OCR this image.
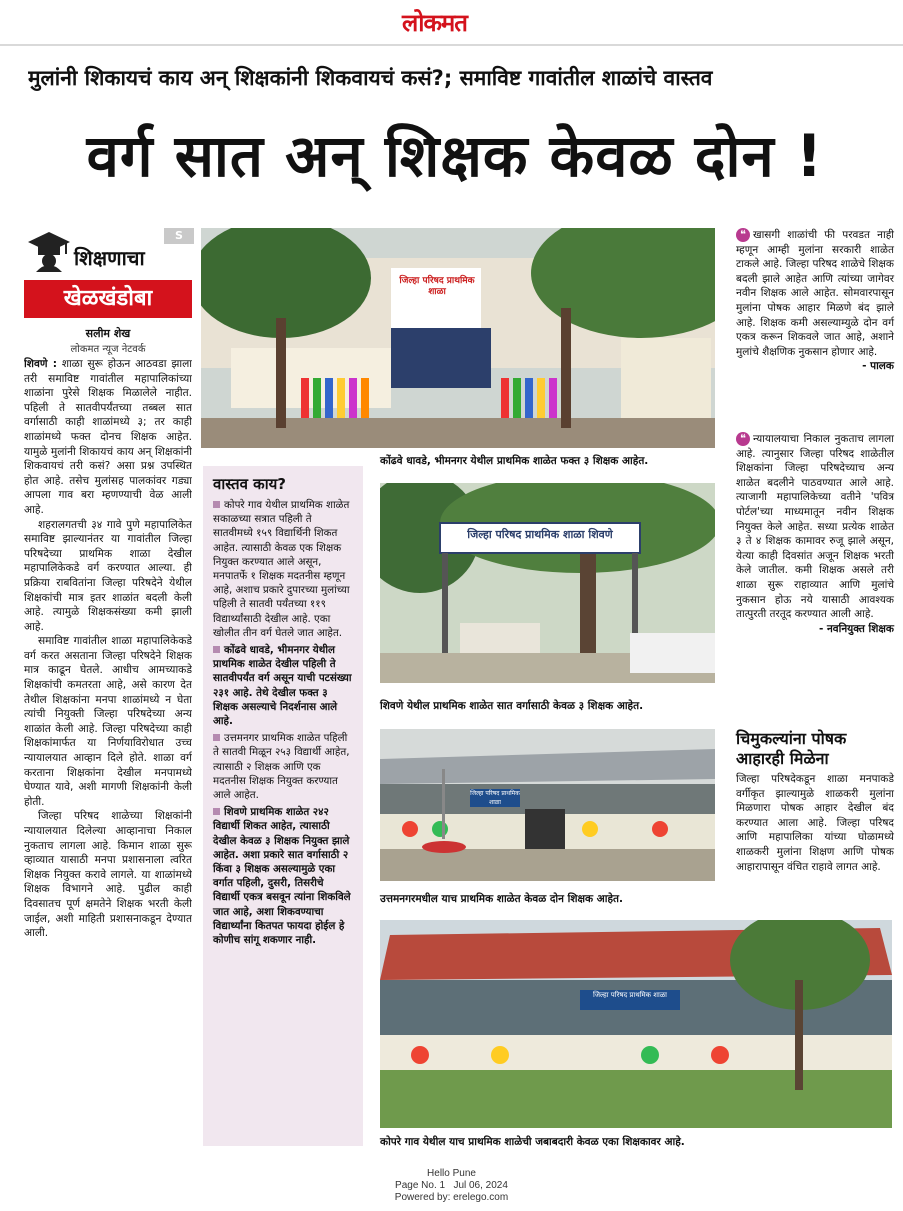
लोकमत
मुलांनी शिकायचं काय अन् शिक्षकांनी शिकवायचं कसं?; समाविष्ट गावांतील शाळांचे वास्तव
वर्ग सात अन् शिक्षक केवळ दोन !
S
शिक्षणाचा
खेळखंडोबा
सलीम शेख
लोकमत न्यूज नेटवर्क

शिवणे : शाळा सुरू होऊन आठवडा झाला तरी समाविष्ट गावांतील महापालिकांच्या शाळांना पुरेसे शिक्षक मिळालेले नाहीत. पहिली ते सातवीपर्यंतच्या तब्बल सात वर्गासाठी काही शाळांमध्ये ३; तर काही शाळांमध्ये फक्त दोनच शिक्षक आहेत. यामुळे मुलांनी शिकायचं काय अन् शिक्षकांनी शिकवायचं तरी कसं? असा प्रश्न उपस्थित होत आहे. तसेच मुलांसह पालकांवर गड्या आपला गाव बरा म्हणण्याची वेळ आली आहे.

शहरालगतची ३४ गावे पुणे महापालिकेत समाविष्ट झाल्यानंतर या गावांतील जिल्हा परिषदेच्या प्राथमिक शाळा देखील महापालिकेकडे वर्ग करण्यात आल्या. ही प्रक्रिया राबवितांना जिल्हा परिषदेने येथील शिक्षकांची मात्र इतर शाळांत बदली केली आहे. त्यामुळे शिक्षकसंख्या कमी झाली आहे.

समाविष्ट गावांतील शाळा महापालिकेकडे वर्ग करत असताना जिल्हा परिषदेने शिक्षक मात्र काढून घेतले. आधीच आमच्याकडे शिक्षकांची कमतरता आहे, असे कारण देत तेथील शिक्षकांना मनपा शाळांमध्ये न घेता त्यांची नियुक्ती जिल्हा परिषदेच्या अन्य शाळांत केली आहे. जिल्हा परिषदेच्या काही शिक्षकांमार्फत या निर्णयाविरोधात उच्च न्यायालयात आव्हान दिले होते. शाळा वर्ग करताना शिक्षकांना देखील मनपामध्ये घेण्यात यावे, अशी मागणी शिक्षकांनी केली होती.

जिल्हा परिषद शाळेच्या शिक्षकांनी न्यायालयात दिलेल्या आव्हानाचा निकाल नुकताच लागला आहे. किमान शाळा सुरू व्हाव्यात यासाठी मनपा प्रशासनाला त्वरित शिक्षक नियुक्त करावे लागले. या शाळांमध्ये शिक्षक विभागने आहे. पुढील काही दिवसातच पूर्ण क्षमतेने शिक्षक भरती केली जाईल, अशी माहिती प्रशासनाकडून देण्यात आली.

जिल्हा परिषद प्राथमिक शाळा
कोंढवे धावडे, भीमनगर येथील प्राथमिक शाळेत फक्त ३ शिक्षक आहेत.
वास्तव काय?

कोपरे गाव येथील प्राथमिक शाळेत सकाळच्या सत्रात पहिली ते सातवीमध्ये १५९ विद्यार्थिनी शिकत आहेत. त्यासाठी केवळ एक शिक्षक नियुक्त करण्यात आले असून, मनपातर्फे १ शिक्षक मदतनीस म्हणून आहे, अशाच प्रकारे दुपारच्या मुलांच्या पहिली ते सातवी पर्यंतच्या ११९ विद्यार्थ्यांसाठी देखील आहे. एका खोलीत तीन वर्ग घेतले जात आहेत.

कोंढवे धावडे, भीमनगर येथील प्राथमिक शाळेत देखील पहिली ते सातवीपर्यंत वर्ग असून याची पटसंख्या २३१ आहे. तेथे देखील फक्त ३ शिक्षक असल्याचे निदर्शनास आले आहे.

उत्तमनगर प्राथमिक शाळेत पहिली ते सातवी मिळून २५३ विद्यार्थी आहेत, त्यासाठी २ शिक्षक आणि एक मदतनीस शिक्षक नियुक्त करण्यात आले आहेत.

शिवणे प्राथमिक शाळेत २४२ विद्यार्थी शिकत आहेत, त्यासाठी देखील केवळ ३ शिक्षक नियुक्त झाले आहेत. अशा प्रकारे सात वर्गासाठी २ किंवा ३ शिक्षक असल्यामुळे एका वर्गात पहिली, दुसरी, तिसरीचे विद्यार्थी एकत्र बसवून त्यांना शिकविले जात आहे, अशा शिकवण्याचा विद्यार्थ्यांना कितपत फायदा होईल हे कोणीच सांगू शकणार नाही.

जिल्हा परिषद प्राथमिक शाळा शिवणे
शिवणे येथील प्राथमिक शाळेत सात वर्गासाठी केवळ ३ शिक्षक आहेत.
जिल्हा परिषद प्राथमिक शाळा
उत्तमनगरमधील याच प्राथमिक शाळेत केवळ दोन शिक्षक आहेत.
जिल्हा परिषद प्राथमिक शाळा
कोपरे गाव येथील याच प्राथमिक शाळेची जबाबदारी केवळ एका शिक्षकावर आहे.
❝ खासगी शाळांची फी परवडत नाही म्हणून आम्ही मुलांना सरकारी शाळेत टाकले आहे. जिल्हा परिषद शाळेचे शिक्षक बदली झाले आहेत आणि त्यांच्या जागेवर नवीन शिक्षक आले आहेत. सोमवारपासून मुलांना पोषक आहार मिळणे बंद झाले आहे. शिक्षक कमी असल्याम्युळे दोन वर्ग एकत्र करून शिकवले जात आहे, अशाने मुलांचे शैक्षणिक नुकसान होणार आहे.
- पालक
❝ न्यायालयाचा निकाल नुकताच लागला आहे. त्यानुसार जिल्हा परिषद शाळेतील शिक्षकांना जिल्हा परिषदेच्याच अन्य शाळेत बदलीने पाठवण्यात आले आहे. त्याजागी महापालिकेच्या वतीने 'पवित्र पोर्टल'च्या माध्यमातून नवीन शिक्षक नियुक्त केले आहेत. सध्या प्रत्येक शाळेत ३ ते ४ शिक्षक कामावर रुजू झाले असून, येत्या काही दिवसांत अजून शिक्षक भरती केले जातील. कमी शिक्षक असले तरी शाळा सुरू राहाव्यात आणि मुलांचे नुकसान होऊ नये यासाठी आवश्यक तात्पुरती तरतूद करण्यात आली आहे.
- नवनियुक्त शिक्षक
चिमुकल्यांना पोषक आहारही मिळेना
जिल्हा परिषदेकडून शाळा मनपाकडे वर्गीकृत झाल्यामुळे शाळकरी मुलांना मिळणारा पोषक आहार देखील बंद करण्यात आला आहे. जिल्हा परिषद आणि महापालिका यांच्या घोळामध्ये शाळकरी मुलांना शिक्षण आणि पोषक आहारापासून वंचित राहावे लागत आहे.
Hello Pune
Page No. 1 Jul 06, 2024
Powered by: erelego.com
